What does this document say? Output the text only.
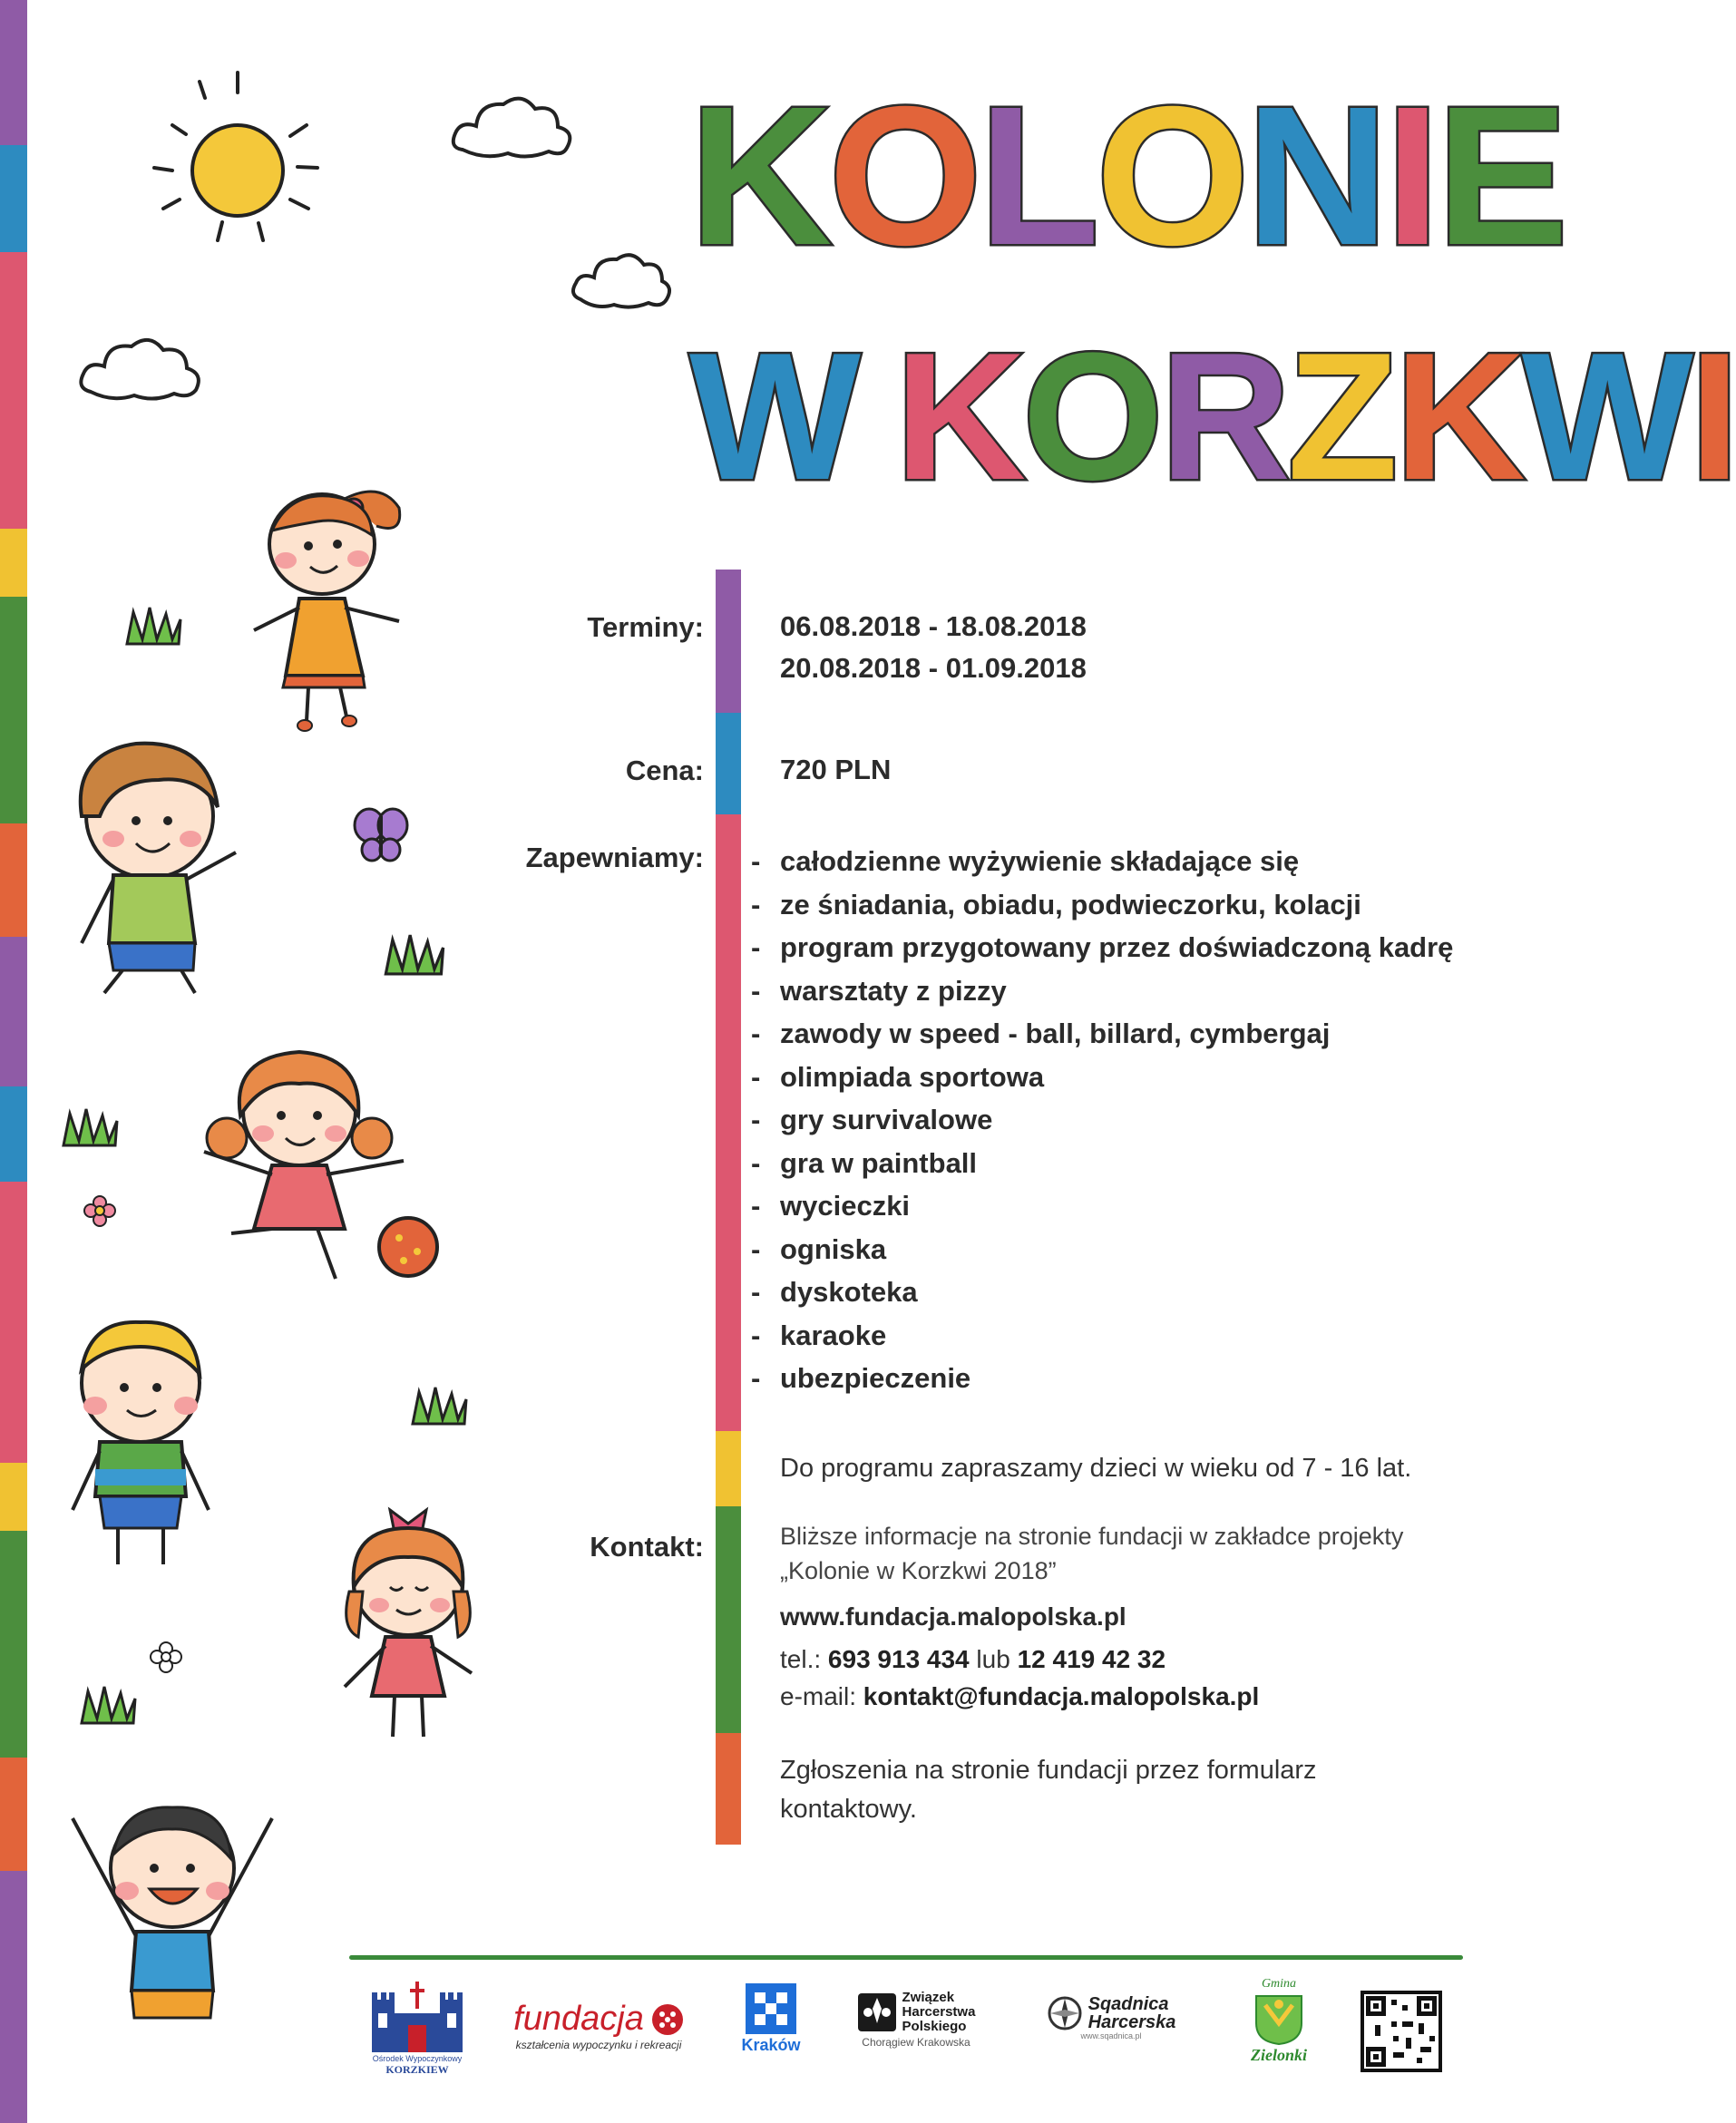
KOLONIE
W KORZKWI
Terminy:	06.08.2018 - 18.08.2018
20.08.2018 - 01.09.2018
Cena:	720 PLN
Zapewniamy: - całodzienne wyżywienie składające się
- ze śniadania, obiadu, podwieczorku, kolacji
- program przygotowany przez doświadczoną kadrę
- warsztaty z pizzy
- zawody w speed - ball, billard, cymbergaj
- olimpiada sportowa
- gry survivalowe
- gra w paintball
- wycieczki
- ogniska
- dyskoteka
- karaoke
- ubezpieczenie
Do programu zapraszamy dzieci w wieku od 7 - 16 lat.
Kontakt:	Bliższe informacje na stronie fundacji w zakładce projekty
„Kolonie w Korzkwi 2018”
www.fundacja.malopolska.pl
tel.: 693 913 434 lub 12 419 42 32
e-mail: kontakt@fundacja.malopolska.pl
Zgłoszenia na stronie fundacji przez formularz
kontaktowy.
Ośrodek Wypoczynkowy
KORZKIEW
fundacja
kształcenia wypoczynku i rekreacji	Kraków
Związek
Harcerstwa
Polskiego
Chorągiew Krakowska
Sqadnica
Harcerska
www.sqadnica.pl
Gmina
Zielonki
